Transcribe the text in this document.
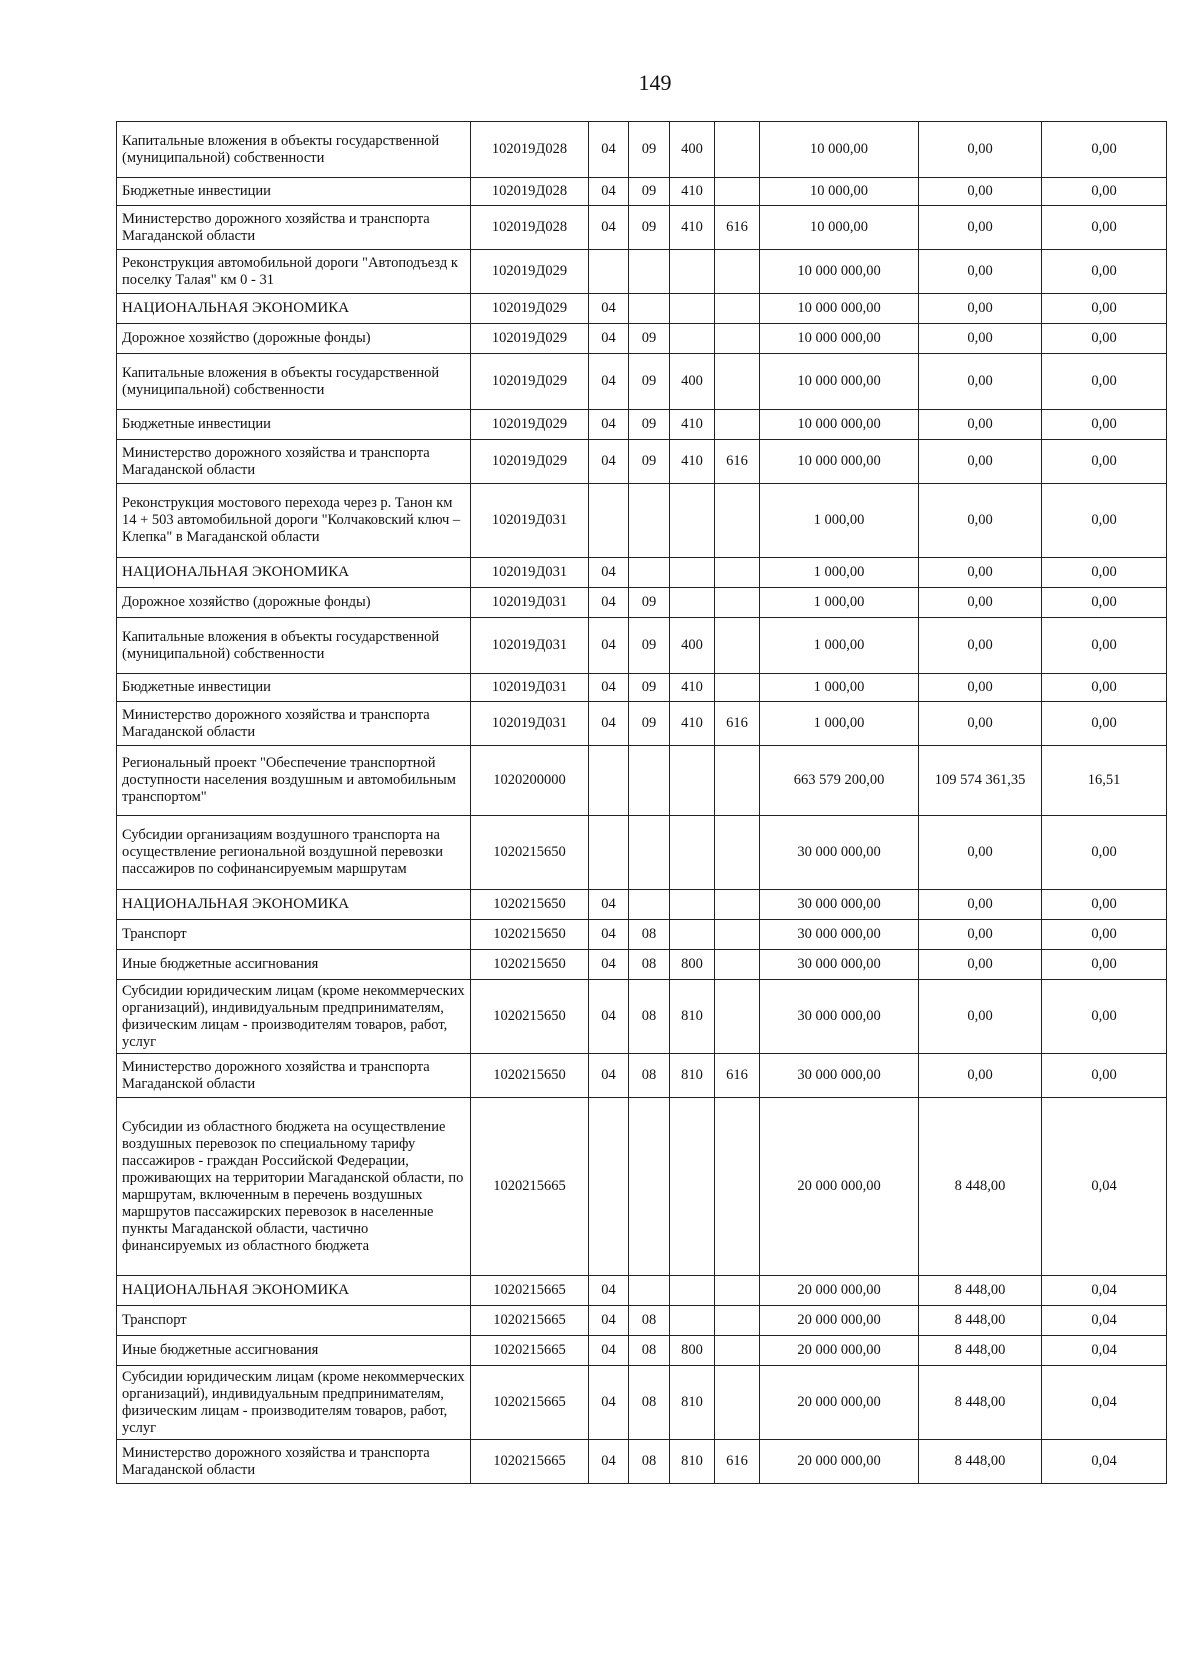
149
Капитальные вложения в объекты государственной (муниципальной) собственности	102019Д028	04	09	400		10 000,00	0,00	0,00
Бюджетные инвестиции	102019Д028	04	09	410		10 000,00	0,00	0,00
Министерство дорожного хозяйства и транспорта Магаданской области	102019Д028	04	09	410	616	10 000,00	0,00	0,00
Реконструкция автомобильной дороги "Автоподъезд к поселку Талая" км 0 - 31	102019Д029					10 000 000,00	0,00	0,00
НАЦИОНАЛЬНАЯ ЭКОНОМИКА	102019Д029	04				10 000 000,00	0,00	0,00
Дорожное хозяйство (дорожные фонды)	102019Д029	04	09			10 000 000,00	0,00	0,00
Капитальные вложения в объекты государственной (муниципальной) собственности	102019Д029	04	09	400		10 000 000,00	0,00	0,00
Бюджетные инвестиции	102019Д029	04	09	410		10 000 000,00	0,00	0,00
Министерство дорожного хозяйства и транспорта Магаданской области	102019Д029	04	09	410	616	10 000 000,00	0,00	0,00
Реконструкция мостового перехода через р. Танон км 14 + 503 автомобильной дороги "Колчаковский ключ – Клепка" в Магаданской области	102019Д031					1 000,00	0,00	0,00
НАЦИОНАЛЬНАЯ ЭКОНОМИКА	102019Д031	04				1 000,00	0,00	0,00
Дорожное хозяйство (дорожные фонды)	102019Д031	04	09			1 000,00	0,00	0,00
Капитальные вложения в объекты государственной (муниципальной) собственности	102019Д031	04	09	400		1 000,00	0,00	0,00
Бюджетные инвестиции	102019Д031	04	09	410		1 000,00	0,00	0,00
Министерство дорожного хозяйства и транспорта Магаданской области	102019Д031	04	09	410	616	1 000,00	0,00	0,00
Региональный проект "Обеспечение транспортной доступности населения воздушным и автомобильным транспортом"	1020200000					663 579 200,00	109 574 361,35	16,51
Субсидии организациям воздушного транспорта на осуществление региональной воздушной перевозки пассажиров по софинансируемым маршрутам	1020215650					30 000 000,00	0,00	0,00
НАЦИОНАЛЬНАЯ ЭКОНОМИКА	1020215650	04				30 000 000,00	0,00	0,00
Транспорт	1020215650	04	08			30 000 000,00	0,00	0,00
Иные бюджетные ассигнования	1020215650	04	08	800		30 000 000,00	0,00	0,00
Субсидии юридическим лицам (кроме некоммерческих организаций), индивидуальным предпринимателям, физическим лицам - производителям товаров, работ, услуг	1020215650	04	08	810		30 000 000,00	0,00	0,00
Министерство дорожного хозяйства и транспорта Магаданской области	1020215650	04	08	810	616	30 000 000,00	0,00	0,00
Субсидии из областного бюджета на осуществление воздушных перевозок по специальному тарифу пассажиров - граждан Российской Федерации, проживающих на территории Магаданской области, по маршрутам, включенным в перечень воздушных маршрутов пассажирских перевозок в населенные пункты Магаданской области, частично финансируемых из областного бюджета	1020215665					20 000 000,00	8 448,00	0,04
НАЦИОНАЛЬНАЯ ЭКОНОМИКА	1020215665	04				20 000 000,00	8 448,00	0,04
Транспорт	1020215665	04	08			20 000 000,00	8 448,00	0,04
Иные бюджетные ассигнования	1020215665	04	08	800		20 000 000,00	8 448,00	0,04
Субсидии юридическим лицам (кроме некоммерческих организаций), индивидуальным предпринимателям, физическим лицам - производителям товаров, работ, услуг	1020215665	04	08	810		20 000 000,00	8 448,00	0,04
Министерство дорожного хозяйства и транспорта Магаданской области	1020215665	04	08	810	616	20 000 000,00	8 448,00	0,04
